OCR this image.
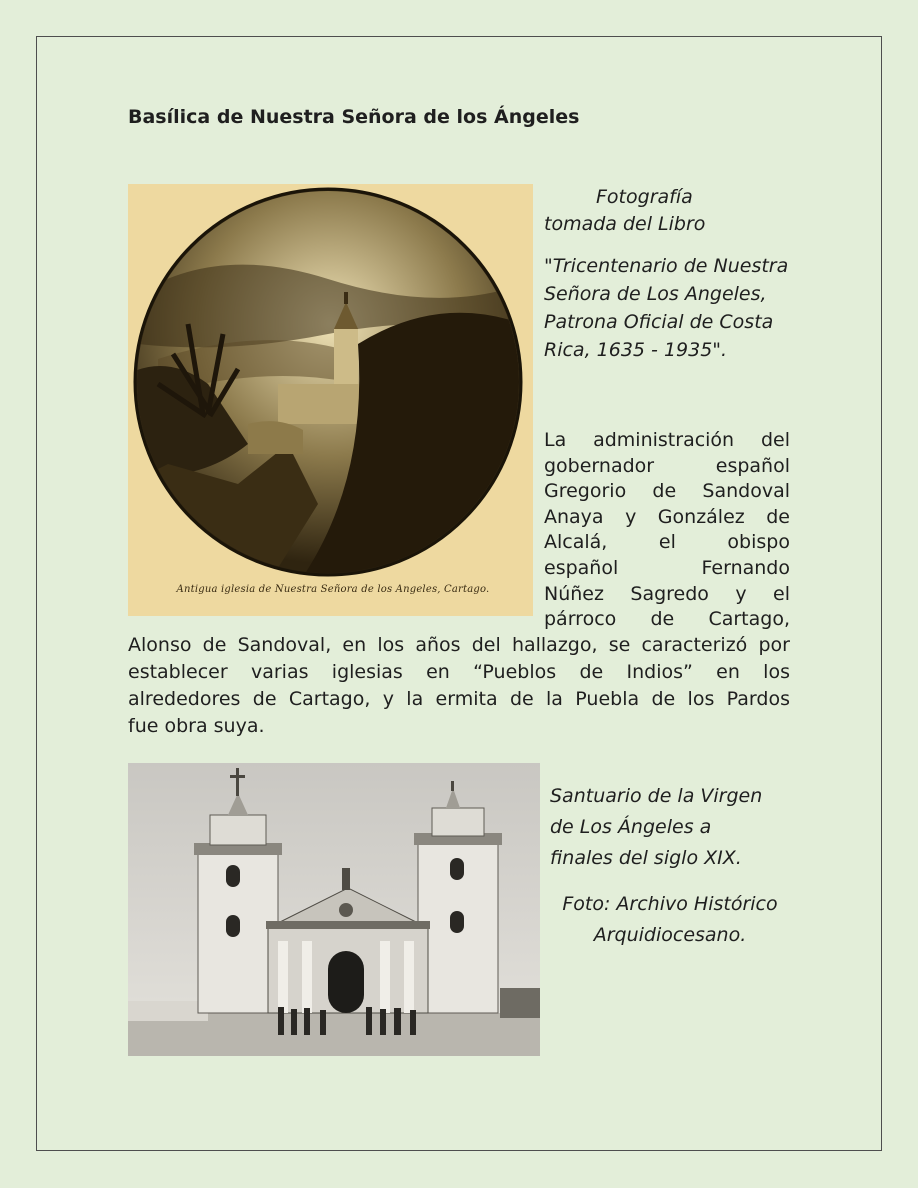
Basílica de Nuestra Señora de los Ángeles
Antigua iglesia de Nuestra Señora de los Angeles, Cartago.
Fotografía
tomada del Libro
"Tricentenario de Nuestra Señora de Los Angeles, Patrona Oficial de Costa Rica, 1635 - 1935".
La administración del
gobernador español
Gregorio de Sandoval
Anaya y González de
Alcalá, el obispo
español Fernando
Núñez Sagredo y el
párroco de Cartago,
Alonso de Sandoval, en los años del hallazgo, se caracterizó por
establecer varias iglesias en “Pueblos de Indios” en los
alrededores de Cartago, y la ermita de la Puebla de los Pardos
fue obra suya.
Santuario de la Virgen
de Los Ángeles a
finales del siglo XIX.
Foto: Archivo Histórico
Arquidiocesano.
